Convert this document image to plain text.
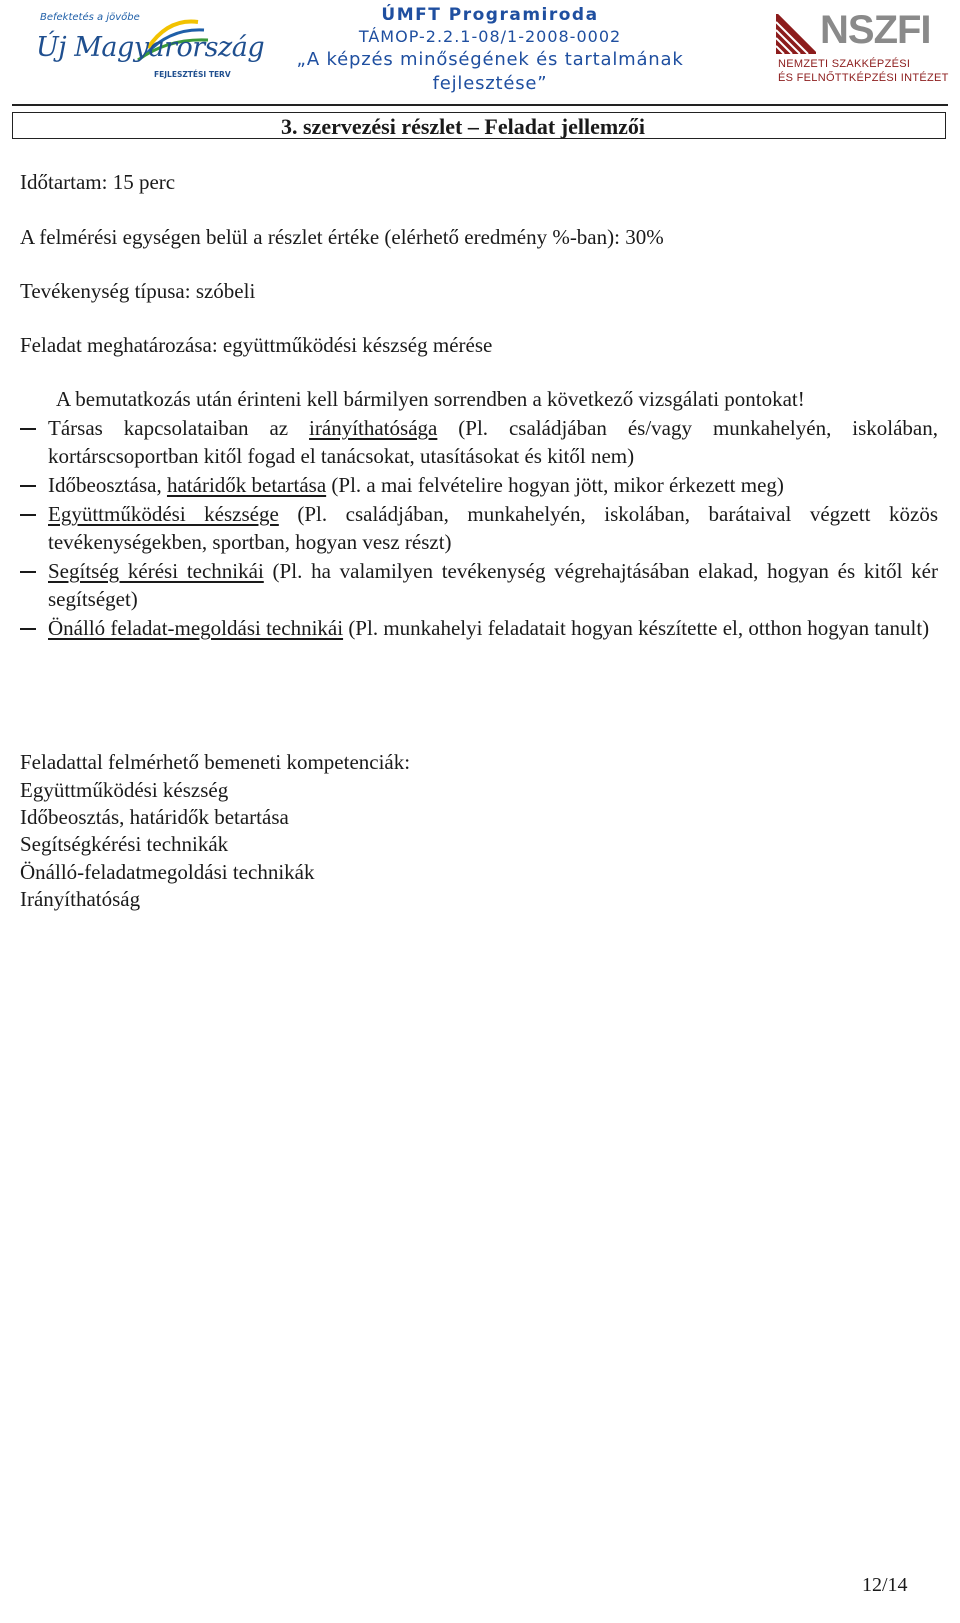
Befektetés a jövőbe
Új Magyarország
FEJLESZTÉSI TERV
ÚMFT Programiroda
TÁMOP-2.2.1-08/1-2008-0002
„A képzés minőségének és tartalmának
fejlesztése”
NSZFI
NEMZETI SZAKKÉPZÉSI
ÉS FELNŐTTKÉPZÉSI INTÉZET
3. szervezési részlet – Feladat jellemzői
Időtartam: 15 perc
A felmérési egységen belül a részlet értéke (elérhető eredmény %-ban): 30%
Tevékenység típusa: szóbeli
Feladat meghatározása: együttműködési készség mérése
A bemutatkozás után érinteni kell bármilyen sorrendben a következő vizsgálati pontokat!
Társas kapcsolataiban az irányíthatósága (Pl. családjában és/vagy munkahelyén, iskolában, kortárscsoportban kitől fogad el tanácsokat, utasításokat és kitől nem)
Időbeosztása, határidők betartása (Pl. a mai felvételire hogyan jött, mikor érkezett meg)
Együttműködési készsége (Pl. családjában, munkahelyén, iskolában, barátaival végzett közös tevékenységekben, sportban, hogyan vesz részt)
Segítség kérési technikái (Pl. ha valamilyen tevékenység végrehajtásában elakad, hogyan és kitől kér segítséget)
Önálló feladat-megoldási technikái (Pl. munkahelyi feladatait hogyan készítette el, otthon hogyan tanult)
Feladattal felmérhető bemeneti kompetenciák:
Együttműködési készség
Időbeosztás, határidők betartása
Segítségkérési technikák
Önálló-feladatmegoldási technikák
Irányíthatóság
12/14
